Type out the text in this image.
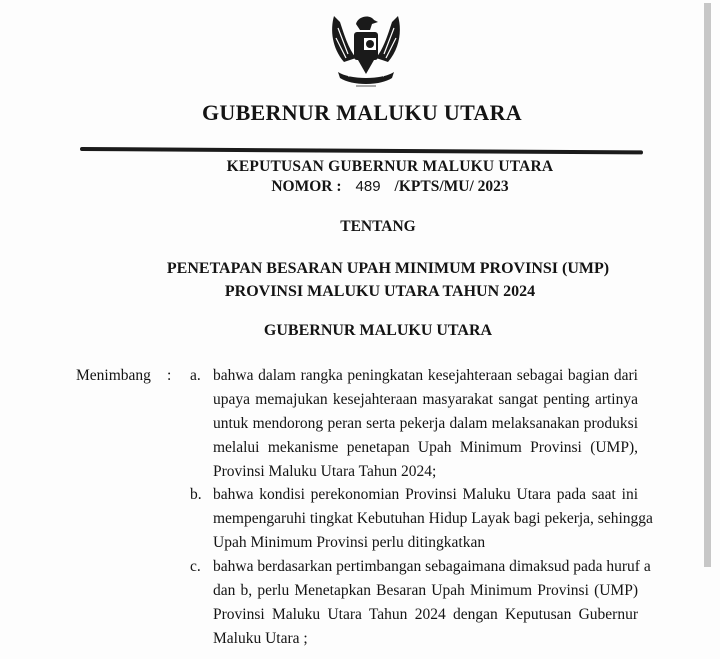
GUBERNUR MALUKU UTARA
KEPUTUSAN GUBERNUR MALUKU UTARA
NOMOR : 489 /KPTS/MU/ 2023
TENTANG
PENETAPAN BESARAN UPAH MINIMUM PROVINSI (UMP)
PROVINSI MALUKU UTARA TAHUN 2024
GUBERNUR MALUKU UTARA
Menimbang : a. bahwa dalam rangka peningkatan kesejahteraan sebagai bagian dari
upaya memajukan kesejahteraan masyarakat sangat penting artinya
untuk mendorong peran serta pekerja dalam melaksanakan produksi
melalui mekanisme penetapan Upah Minimum Provinsi (UMP),
Provinsi Maluku Utara Tahun 2024;
b. bahwa kondisi perekonomian Provinsi Maluku Utara pada saat ini
mempengaruhi tingkat Kebutuhan Hidup Layak bagi pekerja, sehingga
Upah Minimum Provinsi perlu ditingkatkan
c. bahwa berdasarkan pertimbangan sebagaimana dimaksud pada huruf a
dan b, perlu Menetapkan Besaran Upah Minimum Provinsi (UMP)
Provinsi Maluku Utara Tahun 2024 dengan Keputusan Gubernur
Maluku Utara ;
